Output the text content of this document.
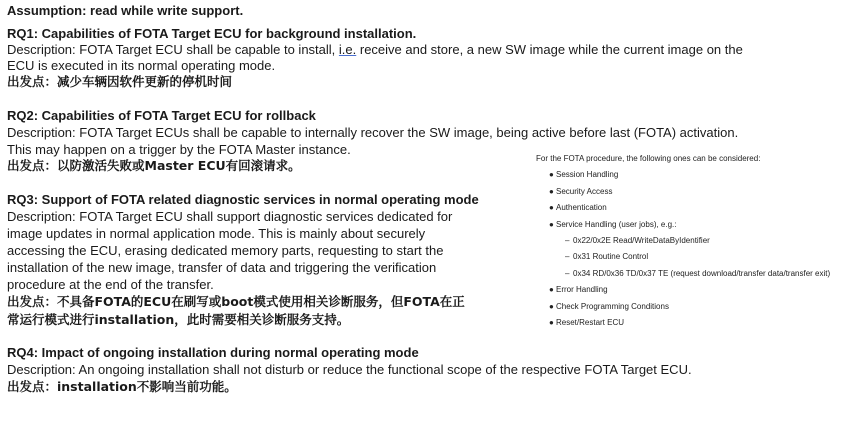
Assumption: read while write support.
RQ1: Capabilities of FOTA Target ECU for background installation.
Description: FOTA Target ECU shall be capable to install, i.e. receive and store, a new SW image while the current image on the
ECU is executed in its normal operating mode.
出发点：减少车辆因软件更新的停机时间
RQ2: Capabilities of FOTA Target ECU for rollback
Description: FOTA Target ECUs shall be capable to internally recover the SW image, being active before last (FOTA) activation.
This may happen on a trigger by the FOTA Master instance.
出发点：以防激活失败或Master ECU有回滚请求。
RQ3: Support of FOTA related diagnostic services in normal operating mode
Description: FOTA Target ECU shall support diagnostic services dedicated for
image updates in normal application mode. This is mainly about securely
accessing the ECU, erasing dedicated memory parts, requesting to start the
installation of the new image, transfer of data and triggering the verification
procedure at the end of the transfer.
出发点：不具备FOTA的ECU在刷写或boot模式使用相关诊断服务，但FOTA在正
常运行模式进行installation，此时需要相关诊断服务支持。
RQ4: Impact of ongoing installation during normal operating mode
Description: An ongoing installation shall not disturb or reduce the functional scope of the respective FOTA Target ECU.
出发点：installation不影响当前功能。
For the FOTA procedure, the following ones can be considered:
● Session Handling
● Security Access
● Authentication
● Service Handling (user jobs), e.g.:
– 0x22/0x2E Read/WriteDataByIdentifier
– 0x31 Routine Control
– 0x34 RD/0x36 TD/0x37 TE (request download/transfer data/transfer exit)
● Error Handling
● Check Programming Conditions
● Reset/Restart ECU
